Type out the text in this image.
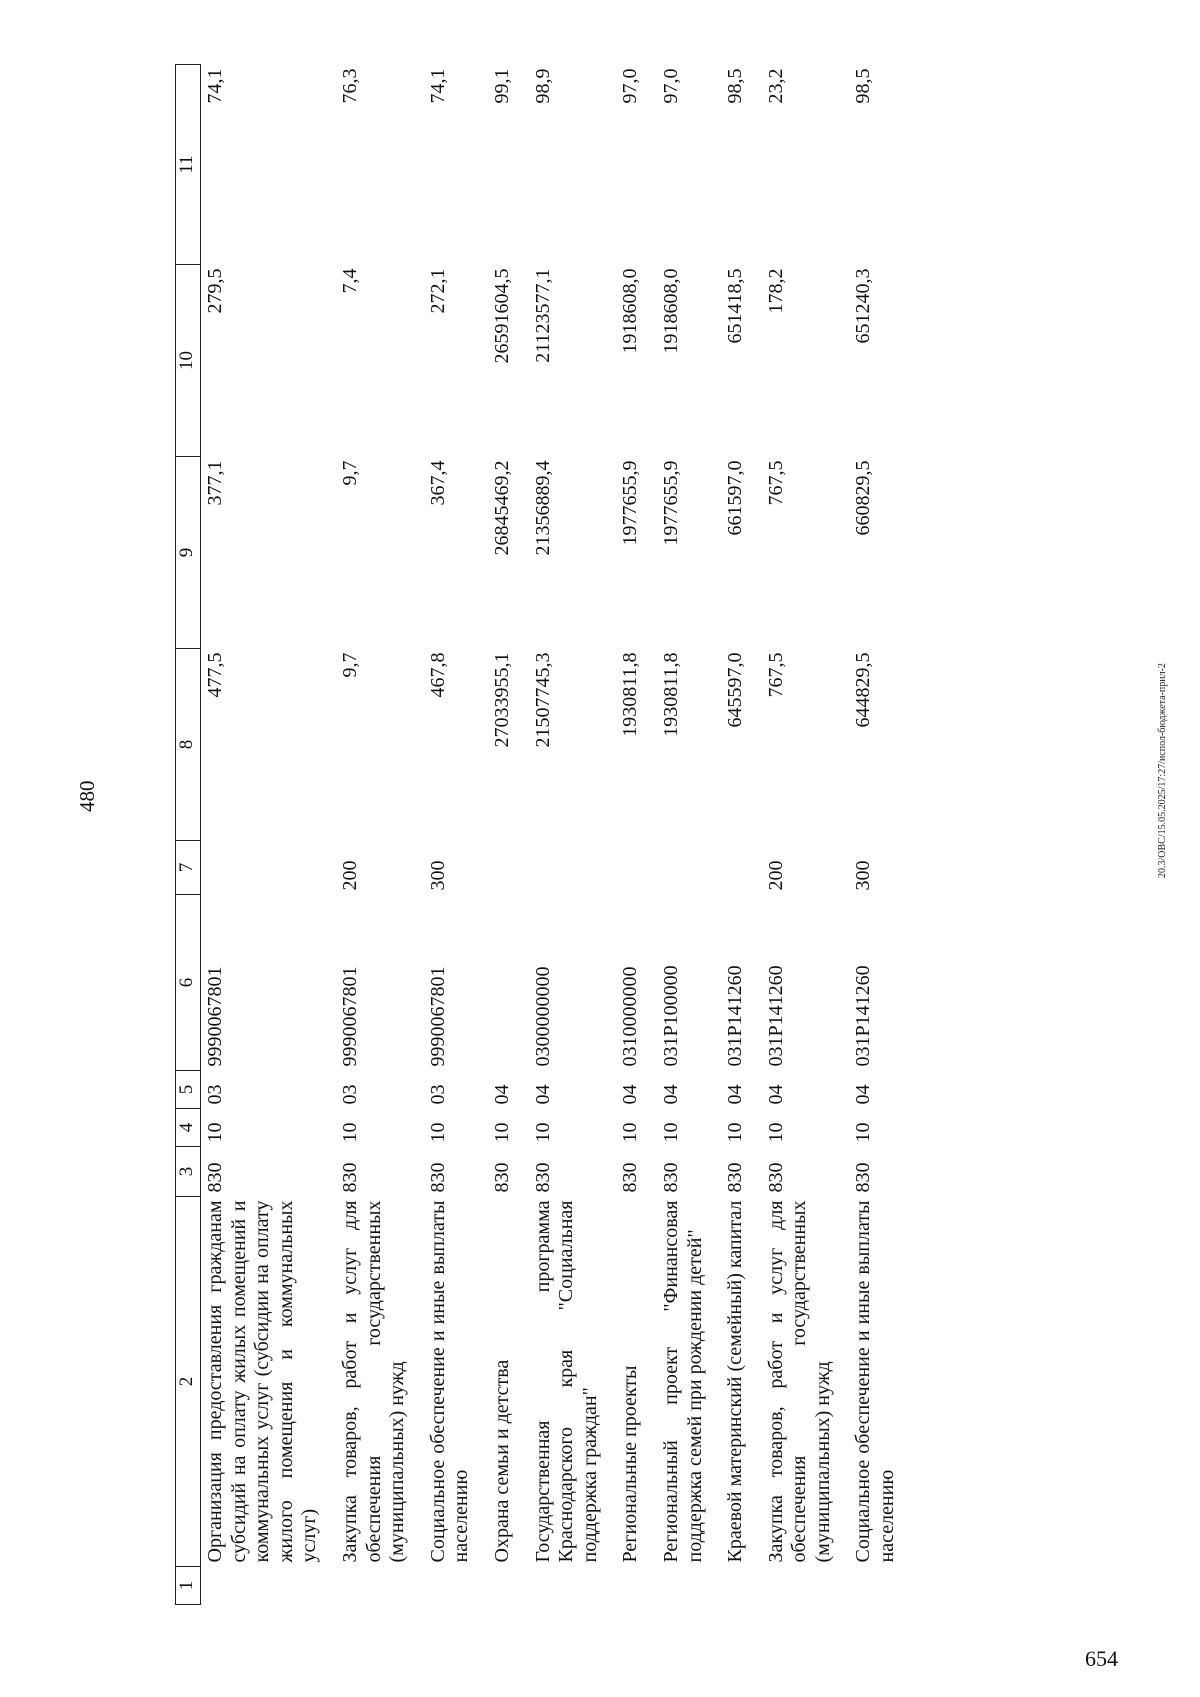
480
1	2	3	4	5	6	7	8	9	10	11
	Организация предоставления гражданам субсидий на оплату жилых помещений и коммунальных услуг (субсидии на оплату жилого помещения и коммунальных услуг)	830	10	03	9990067801		477,5	377,1	279,5	74,1
	Закупка товаров, работ и услуг для обеспечения государственных (муниципальных) нужд	830	10	03	9990067801	200	9,7	9,7	7,4	76,3
	Социальное обеспечение и иные выплаты населению	830	10	03	9990067801	300	467,8	367,4	272,1	74,1
	Охрана семьи и детства	830	10	04			27033955,1	26845469,2	26591604,5	99,1
	Государственная программа Краснодарского края "Социальная поддержка граждан"	830	10	04	0300000000		21507745,3	21356889,4	21123577,1	98,9
	Региональные проекты	830	10	04	0310000000		1930811,8	1977655,9	1918608,0	97,0
	Региональный проект "Финансовая поддержка семей при рождении детей"	830	10	04	031Р100000		1930811,8	1977655,9	1918608,0	97,0
	Краевой материнский (семейный) капитал	830	10	04	031Р141260		645597,0	661597,0	651418,5	98,5
	Закупка товаров, работ и услуг для обеспечения государственных (муниципальных) нужд	830	10	04	031Р141260	200	767,5	767,5	178,2	23,2
	Социальное обеспечение и иные выплаты населению	830	10	04	031Р141260	300	644829,5	660829,5	651240,3	98,5
20.3/ОВС/15.05.2025/17:27/испол-бюджета-прил-2
654
